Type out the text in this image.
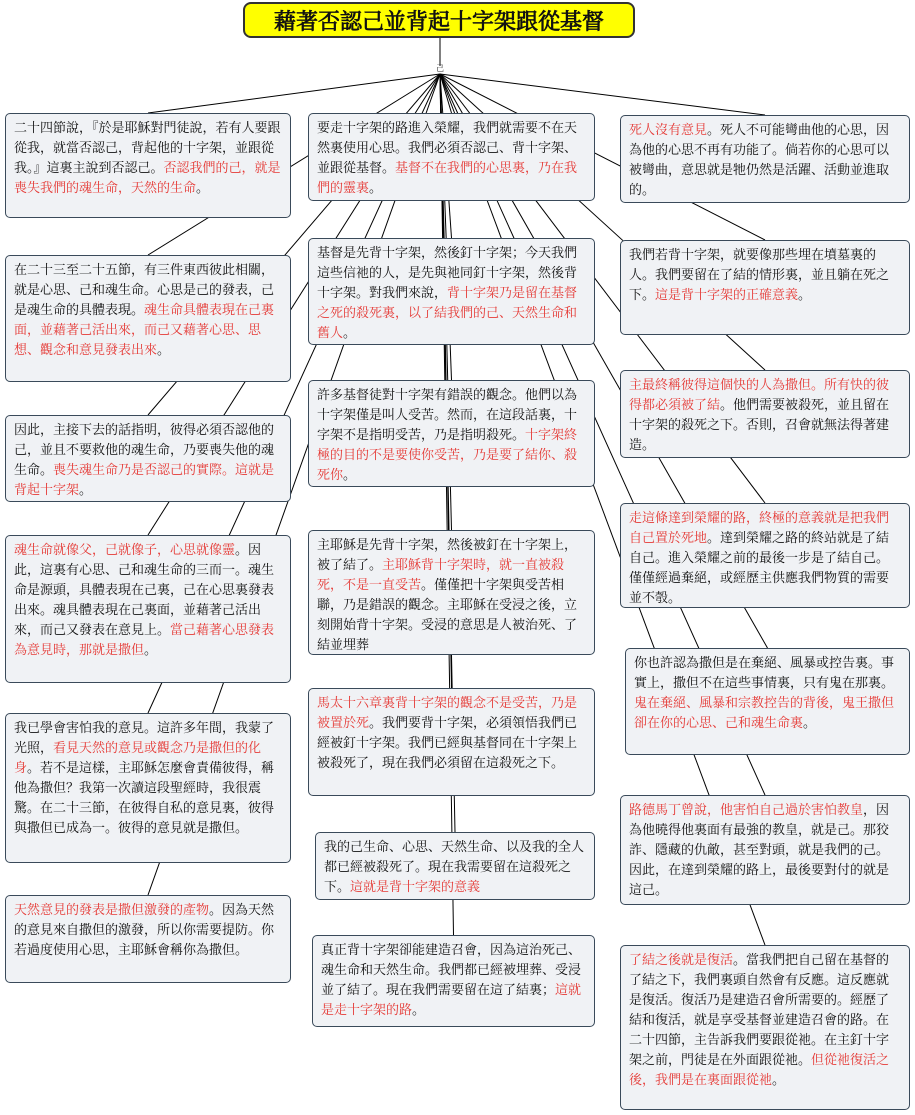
藉著否認己並背起十字架跟從基督
己
二十四節說，『於是耶穌對門徒說，若有人要跟從我，就當否認己，背起他的十字架，並跟從我。』這裏主說到否認己。否認我們的己，就是喪失我們的魂生命，天然的生命。
在二十三至二十五節，有三件東西彼此相關，就是心思、己和魂生命。心思是己的發表，己是魂生命的具體表現。魂生命具體表現在己裏面，並藉著己活出來，而己又藉著心思、思想、觀念和意見發表出來。
因此，主接下去的話指明，彼得必須否認他的己，並且不要救他的魂生命，乃要喪失他的魂生命。喪失魂生命乃是否認己的實際。這就是背起十字架。
魂生命就像父，己就像子，心思就像靈。因此，這裏有心思、己和魂生命的三而一。魂生命是源頭，具體表現在己裏，己在心思裏發表出來。魂具體表現在己裏面，並藉著己活出來，而己又發表在意見上。當己藉著心思發表為意見時，那就是撒但。
我已學會害怕我的意見。這許多年間，我蒙了光照，看見天然的意見或觀念乃是撒但的化身。若不是這樣，主耶穌怎麼會責備彼得，稱他為撒但？我第一次讀這段聖經時，我很震驚。在二十三節，在彼得自私的意見裏，彼得與撒但已成為一。彼得的意見就是撒但。
天然意見的發表是撒但激發的產物。因為天然的意見來自撒但的激發，所以你需要提防。你若過度使用心思，主耶穌會稱你為撒但。
要走十字架的路進入榮耀，我們就需要不在天然裏使用心思。我們必須否認己、背十字架、並跟從基督。基督不在我們的心思裏，乃在我們的靈裏。
基督是先背十字架，然後釘十字架；今天我們這些信祂的人，是先與祂同釘十字架，然後背十字架。對我們來說，背十字架乃是留在基督之死的殺死裏，以了結我們的己、天然生命和舊人。
許多基督徒對十字架有錯誤的觀念。他們以為十字架僅是叫人受苦。然而，在這段話裏，十字架不是指明受苦，乃是指明殺死。十字架終極的目的不是要使你受苦，乃是要了結你、殺死你。
主耶穌是先背十字架，然後被釘在十字架上，被了結了。主耶穌背十字架時，就一直被殺死，不是一直受苦。僅僅把十字架與受苦相聯，乃是錯誤的觀念。主耶穌在受浸之後，立刻開始背十字架。受浸的意思是人被治死、了結並埋葬
馬太十六章裏背十字架的觀念不是受苦，乃是被置於死。我們要背十字架，必須領悟我們已經被釘十字架。我們已經與基督同在十字架上被殺死了，現在我們必須留在這殺死之下。
我的己生命、心思、天然生命、以及我的全人都已經被殺死了。現在我需要留在這殺死之下。這就是背十字架的意義
真正背十字架卻能建造召會，因為這治死己、魂生命和天然生命。我們都已經被埋葬、受浸並了結了。現在我們需要留在這了結裏；這就是走十字架的路。
死人沒有意見。死人不可能彎曲他的心思，因為他的心思不再有功能了。倘若你的心思可以被彎曲，意思就是牠仍然是活躍、活動並進取的。
我們若背十字架，就要像那些埋在墳墓裏的人。我們要留在了結的情形裏，並且躺在死之下。這是背十字架的正確意義。
主最終稱彼得這個快的人為撒但。所有快的彼得都必須被了結。他們需要被殺死，並且留在十字架的殺死之下。否則，召會就無法得著建造。
走這條達到榮耀的路，終極的意義就是把我們自己置於死地。達到榮耀之路的終站就是了結自己。進入榮耀之前的最後一步是了結自己。僅僅經過棄絕，或經歷主供應我們物質的需要並不彀。
你也許認為撒但是在棄絕、風暴或控告裏。事實上，撒但不在這些事情裏，只有鬼在那裏。鬼在棄絕、風暴和宗教控告的背後，鬼王撒但卻在你的心思、己和魂生命裏。
路德馬丁曾說，他害怕自己過於害怕教皇，因為他曉得他裏面有最強的教皇，就是己。那狡詐、隱藏的仇敵，甚至對頭，就是我們的己。因此，在達到榮耀的路上，最後要對付的就是這己。
了結之後就是復活。當我們把自己留在基督的了結之下，我們裏頭自然會有反應。這反應就是復活。復活乃是建造召會所需要的。經歷了結和復活，就是享受基督並建造召會的路。在二十四節，主告訴我們要跟從祂。在主釘十字架之前，門徒是在外面跟從祂。但從祂復活之後，我們是在裏面跟從祂。
